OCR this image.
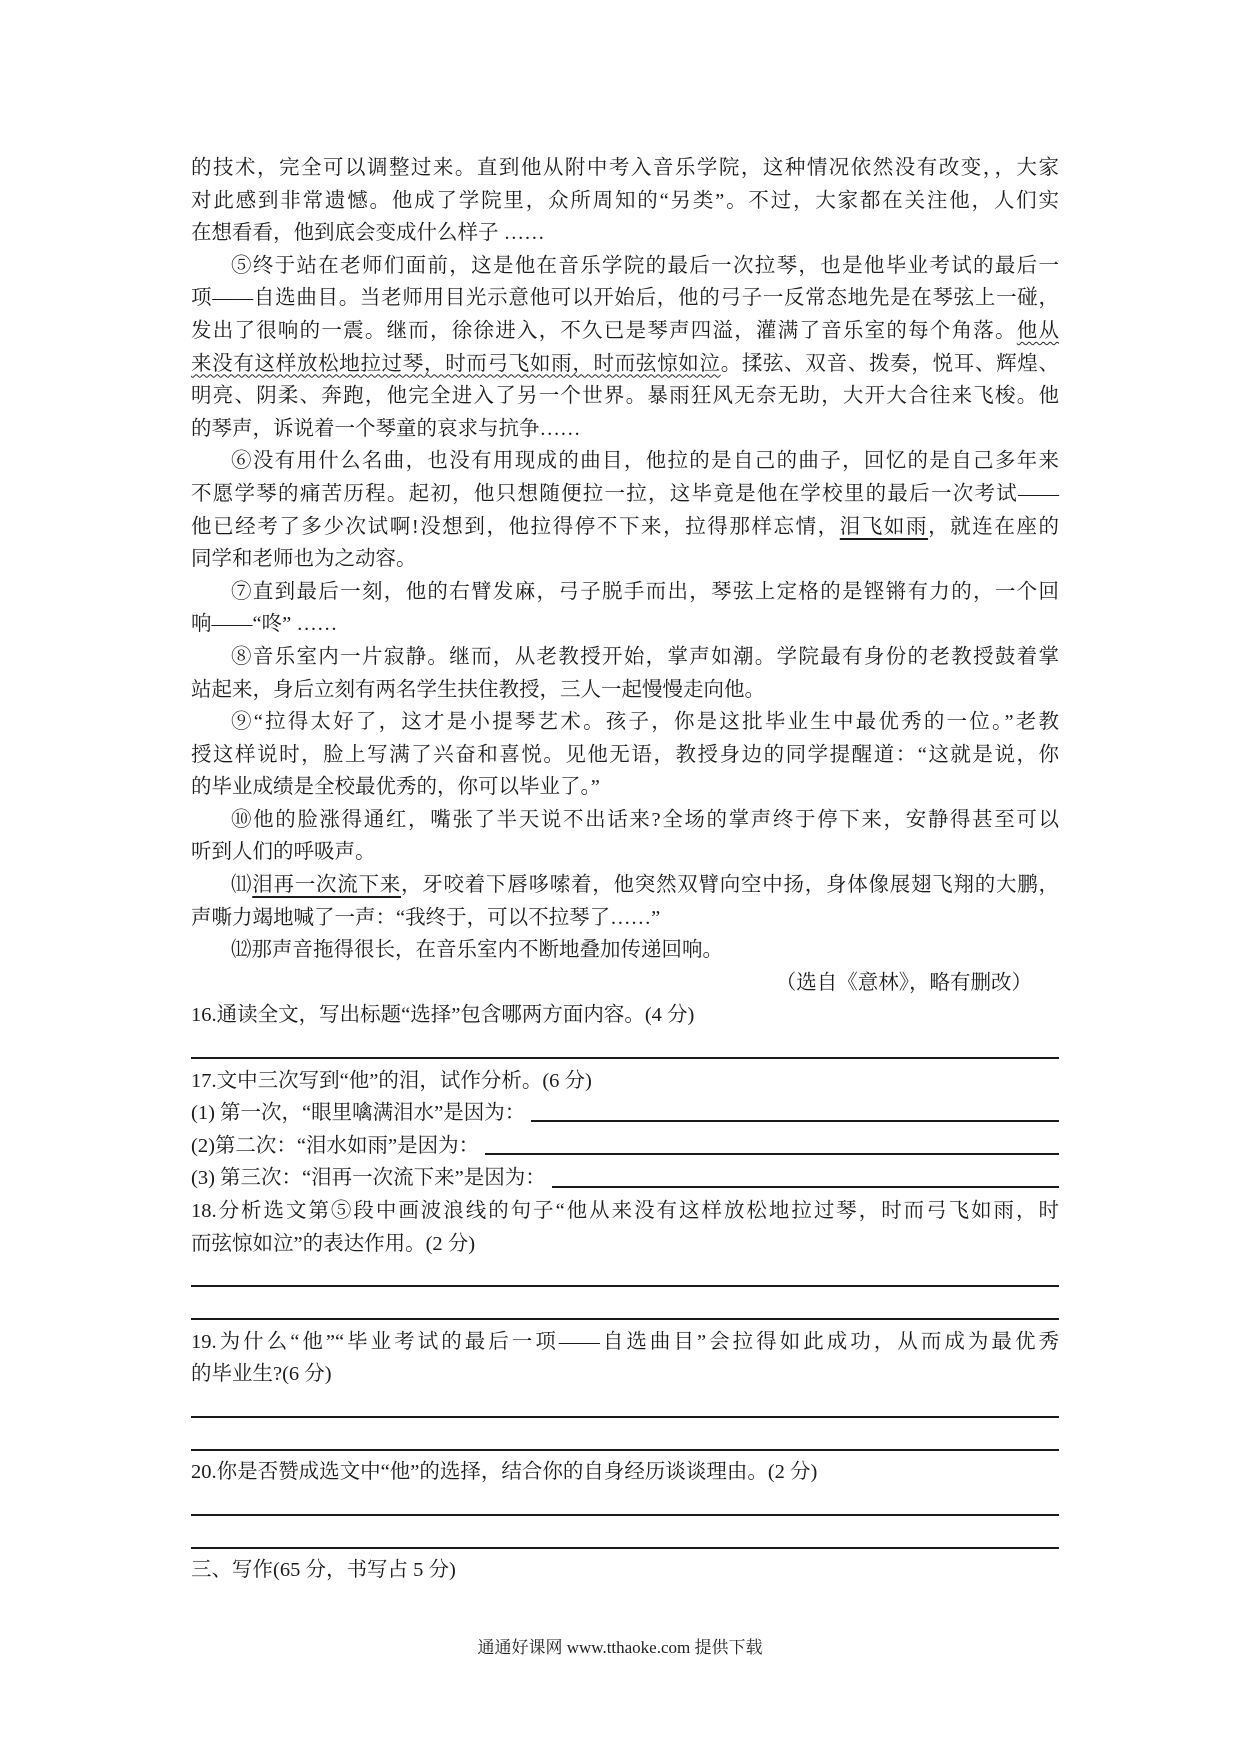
的技术，完全可以调整过来。直到他从附中考入音乐学院，这种情况依然没有改变，，大家
对此感到非常遗憾。他成了学院里，众所周知的“另类”。不过，大家都在关注他，人们实
在想看看，他到底会变成什么样子 ……
⑤终于站在老师们面前，这是他在音乐学院的最后一次拉琴，也是他毕业考试的最后一
项——自选曲目。当老师用目光示意他可以开始后，他的弓子一反常态地先是在琴弦上一碰，
发出了很响的一震。继而，徐徐进入，不久已是琴声四溢，灌满了音乐室的每个角落。他从
来没有这样放松地拉过琴，时而弓飞如雨，时而弦惊如泣。揉弦、双音、拨奏，悦耳、辉煌、
明亮、阴柔、奔跑，他完全进入了另一个世界。暴雨狂风无奈无助，大开大合往来飞梭。他
的琴声，诉说着一个琴童的哀求与抗争……
⑥没有用什么名曲，也没有用现成的曲目，他拉的是自己的曲子，回忆的是自己多年来
不愿学琴的痛苦历程。起初，他只想随便拉一拉，这毕竟是他在学校里的最后一次考试——
他已经考了多少次试啊!没想到，他拉得停不下来，拉得那样忘情，泪飞如雨，就连在座的
同学和老师也为之动容。
⑦直到最后一刻，他的右臂发麻，弓子脱手而出，琴弦上定格的是铿锵有力的，一个回
响——“咚” ……
⑧音乐室内一片寂静。继而，从老教授开始，掌声如潮。学院最有身份的老教授鼓着掌
站起来，身后立刻有两名学生扶住教授，三人一起慢慢走向他。
⑨“拉得太好了，这才是小提琴艺术。孩子，你是这批毕业生中最优秀的一位。”老教
授这样说时，脸上写满了兴奋和喜悦。见他无语，教授身边的同学提醒道：“这就是说，你
的毕业成绩是全校最优秀的，你可以毕业了。”
⑩他的脸涨得通红，嘴张了半天说不出话来?全场的掌声终于停下来，安静得甚至可以
听到人们的呼吸声。
⑾泪再一次流下来，牙咬着下唇哆嗦着，他突然双臂向空中扬，身体像展翅飞翔的大鹏，
声嘶力竭地喊了一声：“我终于，可以不拉琴了……”
⑿那声音拖得很长，在音乐室内不断地叠加传递回响。
（选自《意林》，略有删改）
16.通读全文，写出标题“选择”包含哪两方面内容。(4 分)
17.文中三次写到“他”的泪，试作分析。(6 分)
(1) 第一次，“眼里噙满泪水”是因为：
(2)第二次：“泪水如雨”是因为：
(3) 第三次：“泪再一次流下来”是因为：
18.分析选文第⑤段中画波浪线的句子“他从来没有这样放松地拉过琴，时而弓飞如雨，时
而弦惊如泣”的表达作用。(2 分)
19.为什么“他”“毕业考试的最后一项——自选曲目”会拉得如此成功，从而成为最优秀
的毕业生?(6 分)
20.你是否赞成选文中“他”的选择，结合你的自身经历谈谈理由。(2 分)
三、写作(65 分，书写占 5 分)
通通好课网 www.tthaoke.com 提供下载
